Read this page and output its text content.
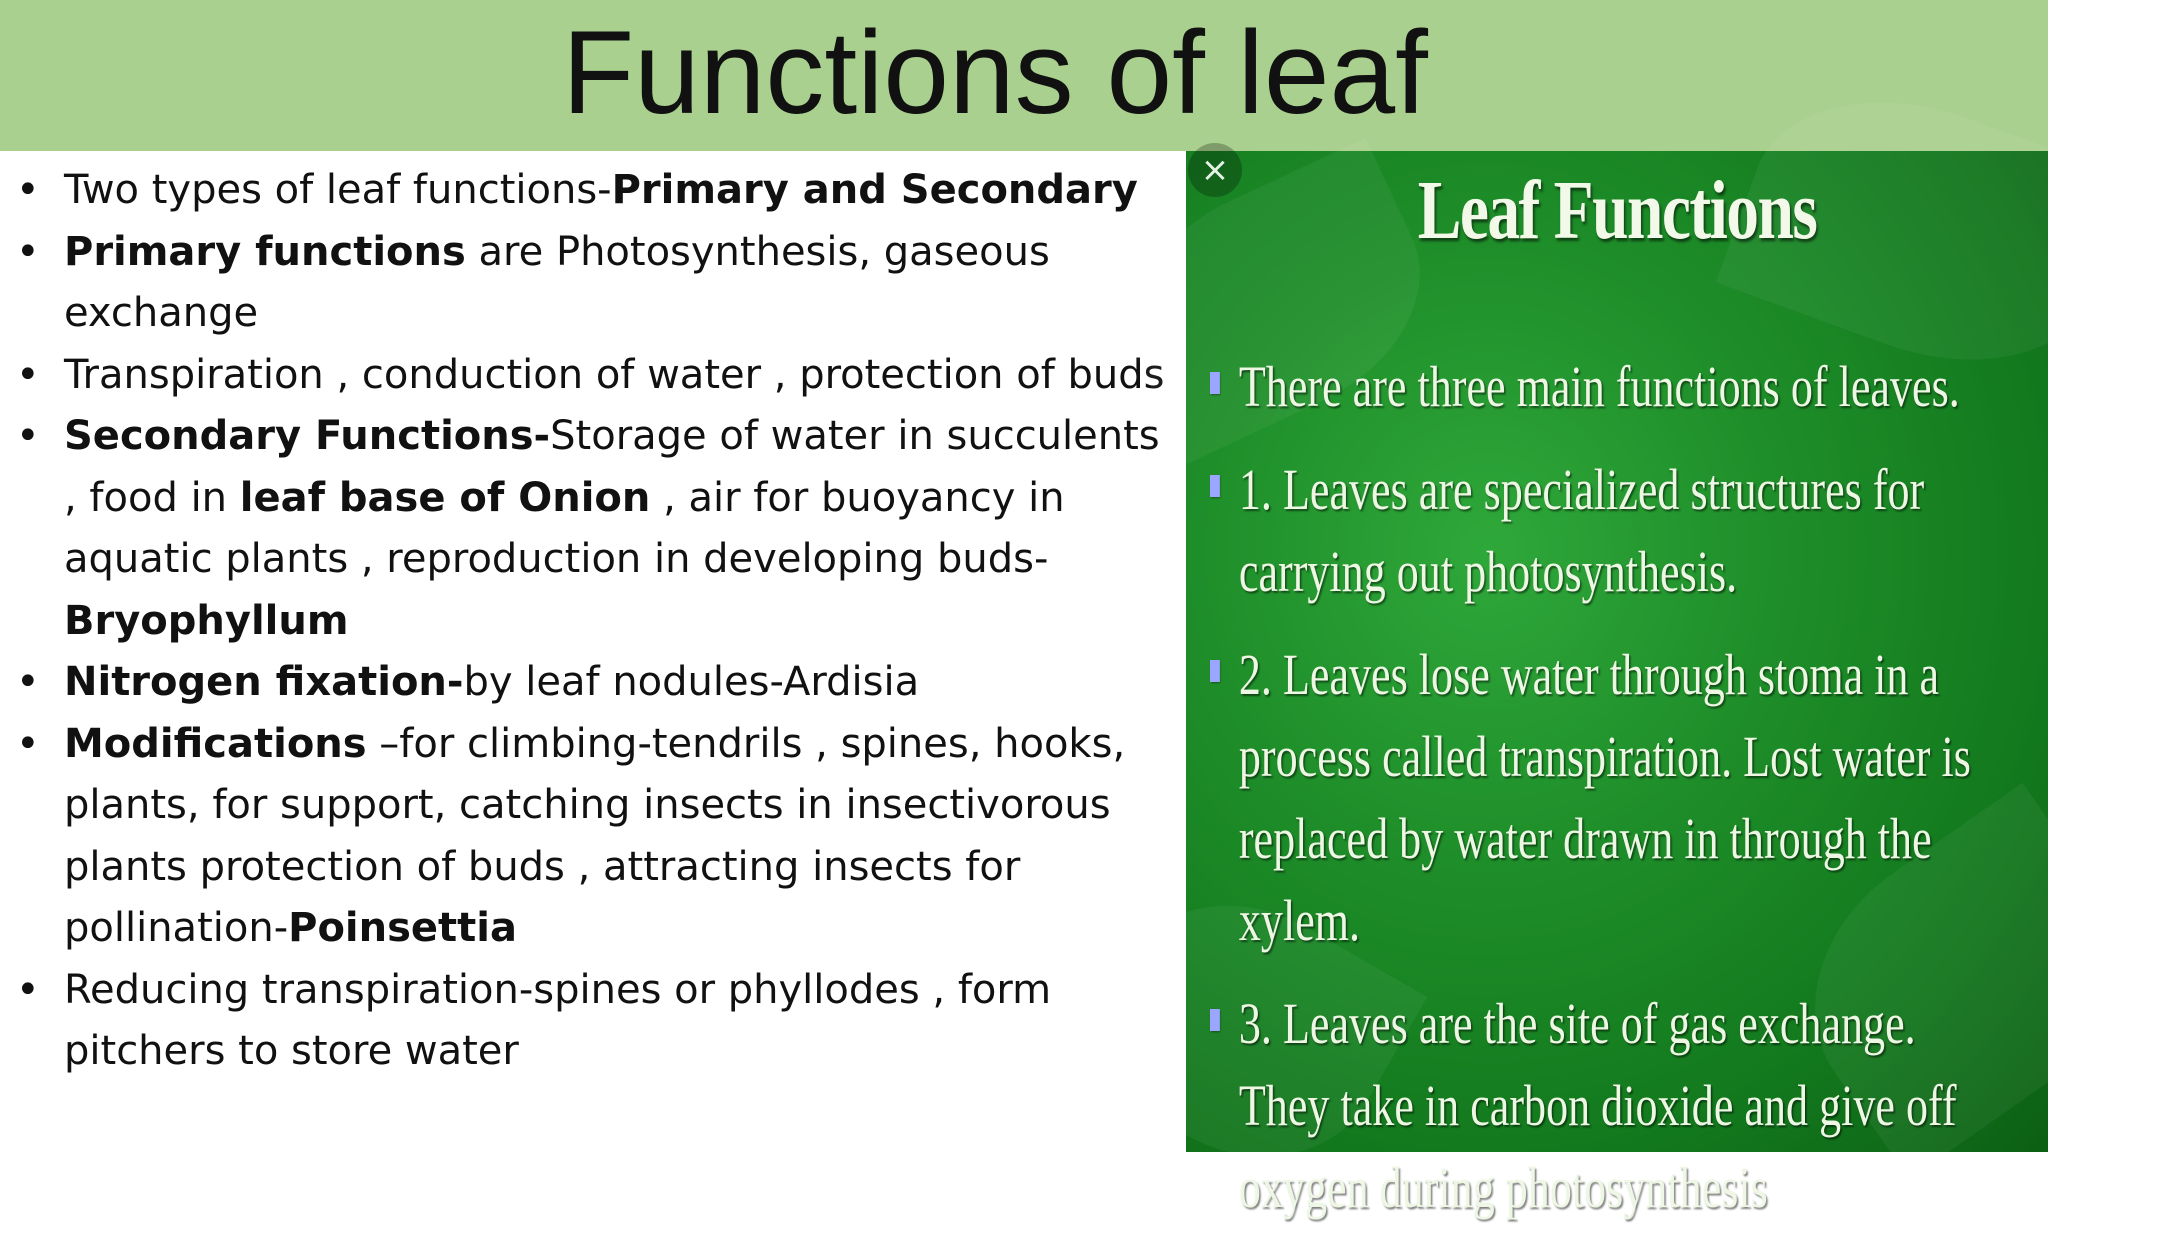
Functions of leaf
• Two types of leaf functions-Primary and Secondary
• Primary functions are Photosynthesis, gaseous exchange
• Transpiration , conduction of water , protection of buds
• Secondary Functions-Storage of water in succulents , food in leaf base of Onion , air for buoyancy in aquatic plants , reproduction in developing buds-Bryophyllum
• Nitrogen fixation-by leaf nodules-Ardisia
• Modifications –for climbing-tendrils , spines, hooks, plants, for support, catching insects in insectivorous plants protection of buds , attracting insects for pollination-Poinsettia
• Reducing transpiration-spines or phyllodes , form pitchers to store water
×	Leaf Functions
There are three main functions of leaves.
1. Leaves are specialized structures for carrying out photosynthesis.
2. Leaves lose water through stoma in a process called transpiration. Lost water is replaced by water drawn in through the xylem.
3. Leaves are the site of gas exchange. They take in carbon dioxide and give off oxygen during photosynthesis
